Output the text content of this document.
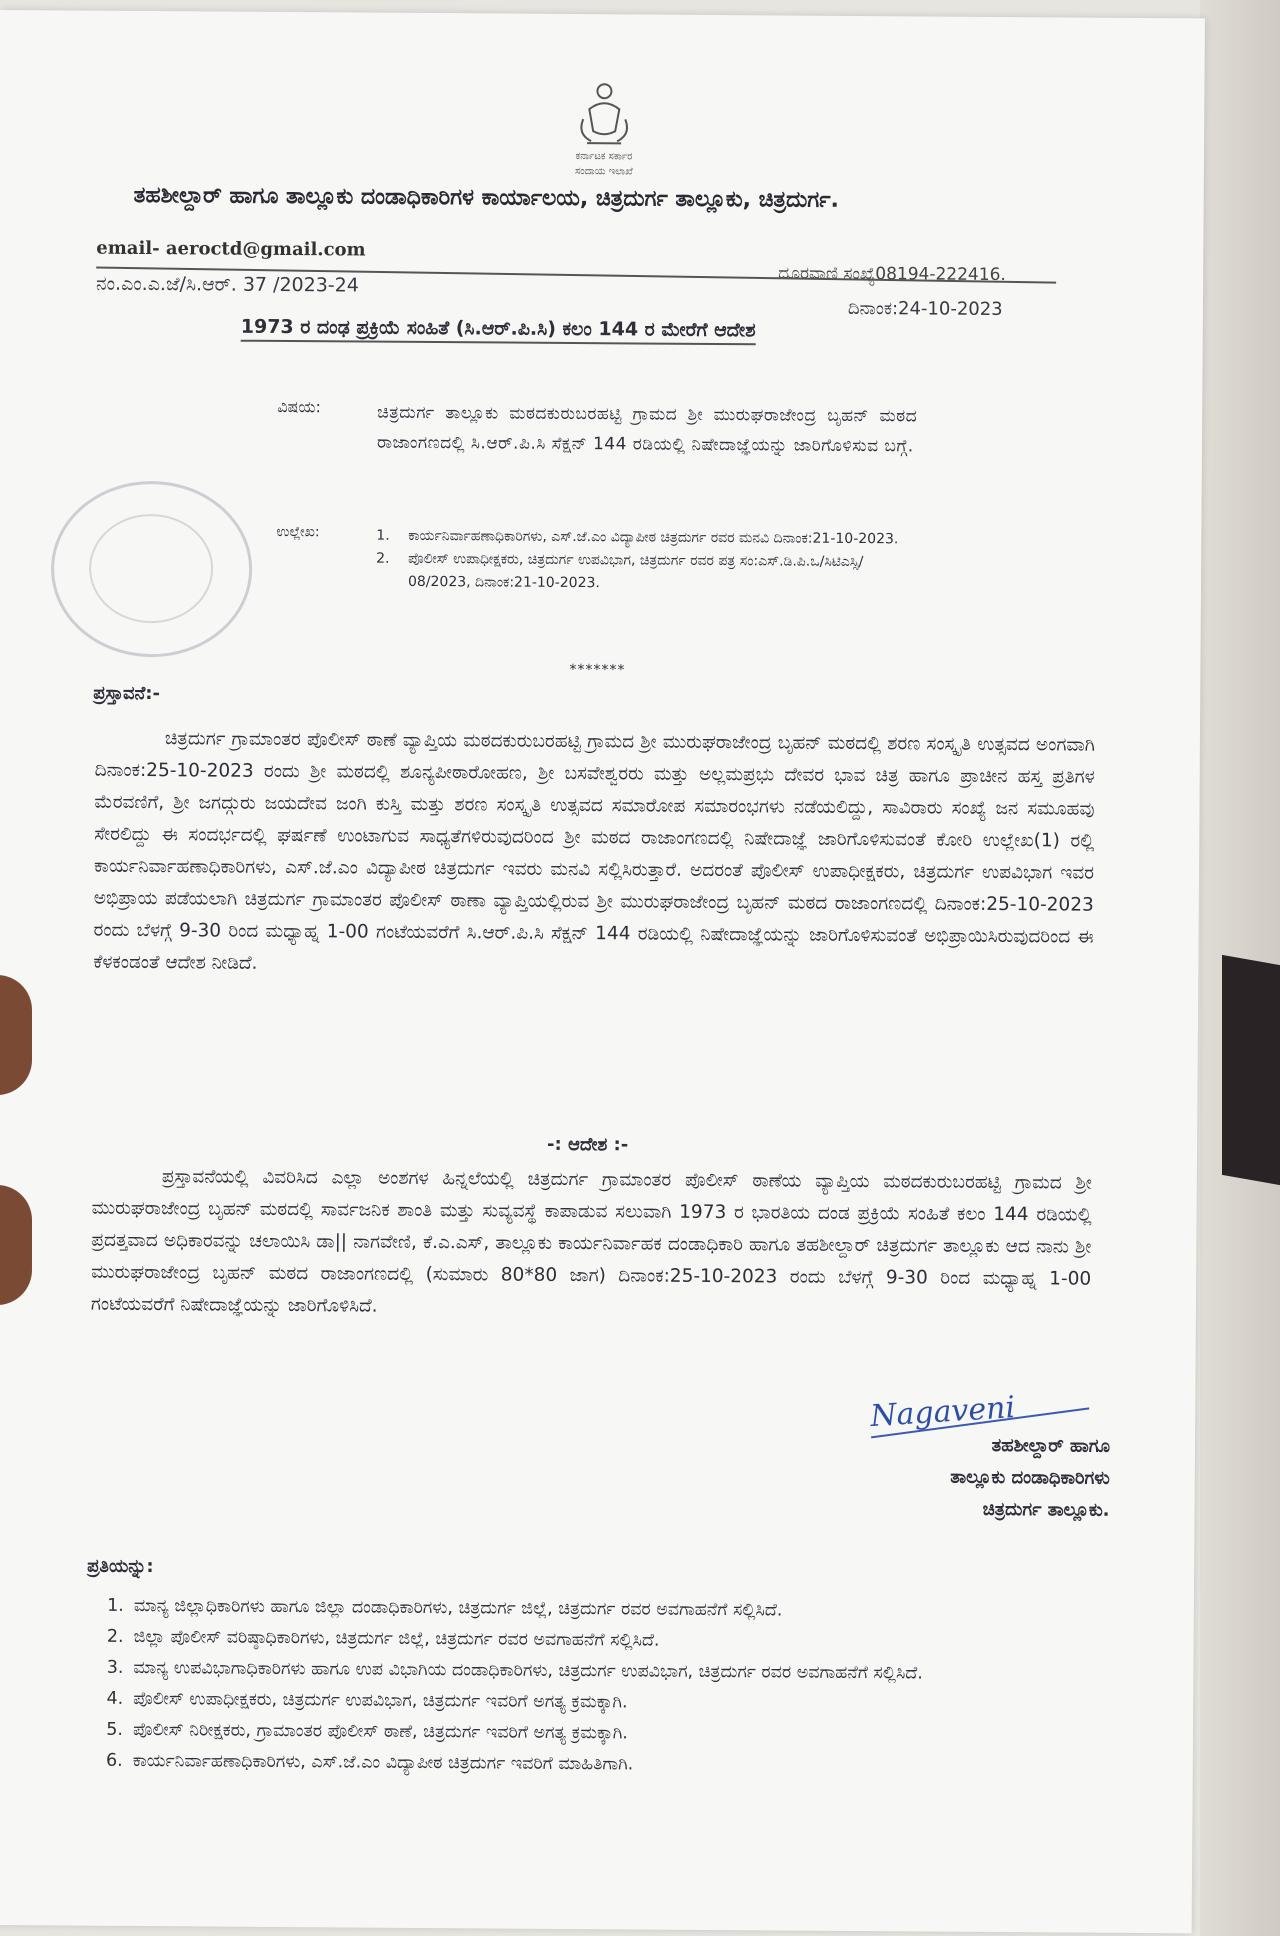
ಕರ್ನಾಟಕ ಸರ್ಕಾರ
ಸಂದಾಯ ಇಲಾಖೆ
ತಹಶೀಲ್ದಾರ್ ಹಾಗೂ ತಾಲ್ಲೂಕು ದಂಡಾಧಿಕಾರಿಗಳ ಕಾರ್ಯಾಲಯ, ಚಿತ್ರದುರ್ಗ ತಾಲ್ಲೂಕು, ಚಿತ್ರದುರ್ಗ.
email- aeroctd@gmail.com
ದೂರವಾಣಿ ಸಂಖ್ಯೆ08194-222416.
ನಂ.ಎಂ.ಎ.ಜೆ/ಸಿ.ಆರ್. 37 /2023-24
ದಿನಾಂಕ:24-10-2023
1973 ರ ದಂಢ ಪ್ರಕ್ರಿಯೆ ಸಂಹಿತೆ (ಸಿ.ಆರ್.ಪಿ.ಸಿ) ಕಲಂ 144 ರ ಮೇರೆಗೆ ಆದೇಶ
ವಿಷಯ:	ಚಿತ್ರದುರ್ಗ ತಾಲ್ಲೂಕು ಮಠದಕುರುಬರಹಟ್ಟಿ ಗ್ರಾಮದ ಶ್ರೀ ಮುರುಘರಾಜೇಂದ್ರ ಬೃಹನ್ ಮಠದ ರಾಜಾಂಗಣದಲ್ಲಿ ಸಿ.ಆರ್.ಪಿ.ಸಿ ಸೆಕ್ಷನ್ 144 ರಡಿಯಲ್ಲಿ ನಿಷೇದಾಜ್ಞೆಯನ್ನು ಜಾರಿಗೊಳಿಸುವ ಬಗ್ಗೆ.
ಉಲ್ಲೇಖ:	1. ಕಾರ್ಯನಿರ್ವಾಹಣಾಧಿಕಾರಿಗಳು, ಎಸ್.ಜೆ.ಎಂ ವಿದ್ಯಾಪೀಠ ಚಿತ್ರದುರ್ಗ ರವರ ಮನವಿ ದಿನಾಂಕ:21-10-2023.
2. ಪೊಲೀಸ್ ಉಪಾಧೀಕ್ಷಕರು, ಚಿತ್ರದುರ್ಗ ಉಪವಿಭಾಗ, ಚಿತ್ರದುರ್ಗ ರವರ ಪತ್ರ ಸಂ:ಎಸ್.ಡಿ.ಪಿ.ಒ/ಸಿಟಿಎಸ್ಸಿ/ 08/2023, ದಿನಾಂಕ:21-10-2023.
*******
ಪ್ರಸ್ತಾವನೆ:-

ಚಿತ್ರದುರ್ಗ ಗ್ರಾಮಾಂತರ ಪೊಲೀಸ್ ಠಾಣೆ ವ್ಯಾಪ್ತಿಯ ಮಠದಕುರುಬರಹಟ್ಟಿ ಗ್ರಾಮದ ಶ್ರೀ ಮುರುಘರಾಜೇಂದ್ರ ಬೃಹನ್ ಮಠದಲ್ಲಿ ಶರಣ ಸಂಸ್ಕೃತಿ ಉತ್ಸವದ ಅಂಗವಾಗಿ ದಿನಾಂಕ:25-10-2023 ರಂದು ಶ್ರೀ ಮಠದಲ್ಲಿ ಶೂನ್ಯಪೀಠಾರೋಹಣ, ಶ್ರೀ ಬಸವೇಶ್ವರರು ಮತ್ತು ಅಲ್ಲಮಪ್ರಭು ದೇವರ ಭಾವ ಚಿತ್ರ ಹಾಗೂ ಪ್ರಾಚೀನ ಹಸ್ತ ಪ್ರತಿಗಳ ಮೆರವಣಿಗೆ, ಶ್ರೀ ಜಗದ್ಗುರು ಜಯದೇವ ಜಂಗಿ ಕುಸ್ತಿ ಮತ್ತು ಶರಣ ಸಂಸ್ಕೃತಿ ಉತ್ಸವದ ಸಮಾರೋಪ ಸಮಾರಂಭಗಳು ನಡೆಯಲಿದ್ದು, ಸಾವಿರಾರು ಸಂಖ್ಯೆ ಜನ ಸಮೂಹವು ಸೇರಲಿದ್ದು ಈ ಸಂದರ್ಭದಲ್ಲಿ ಘರ್ಷಣೆ ಉಂಟಾಗುವ ಸಾಧ್ಯತೆಗಳಿರುವುದರಿಂದ ಶ್ರೀ ಮಠದ ರಾಜಾಂಗಣದಲ್ಲಿ ನಿಷೇದಾಜ್ಞೆ ಜಾರಿಗೊಳಿಸುವಂತೆ ಕೋರಿ ಉಲ್ಲೇಖ(1) ರಲ್ಲಿ ಕಾರ್ಯನಿರ್ವಾಹಣಾಧಿಕಾರಿಗಳು, ಎಸ್.ಜೆ.ಎಂ ವಿದ್ಯಾಪೀಠ ಚಿತ್ರದುರ್ಗ ಇವರು ಮನವಿ ಸಲ್ಲಿಸಿರುತ್ತಾರೆ. ಅದರಂತೆ ಪೊಲೀಸ್ ಉಪಾಧೀಕ್ಷಕರು, ಚಿತ್ರದುರ್ಗ ಉಪವಿಭಾಗ ಇವರ ಅಭಿಪ್ರಾಯ ಪಡೆಯಲಾಗಿ ಚಿತ್ರದುರ್ಗ ಗ್ರಾಮಾಂತರ ಪೊಲೀಸ್ ಠಾಣಾ ವ್ಯಾಪ್ತಿಯಲ್ಲಿರುವ ಶ್ರೀ ಮುರುಘರಾಜೇಂದ್ರ ಬೃಹನ್ ಮಠದ ರಾಜಾಂಗಣದಲ್ಲಿ ದಿನಾಂಕ:25-10-2023 ರಂದು ಬೆಳಗ್ಗೆ 9-30 ರಿಂದ ಮಧ್ಯಾಹ್ನ 1-00 ಗಂಟೆಯವರೆಗೆ ಸಿ.ಆರ್.ಪಿ.ಸಿ ಸೆಕ್ಷನ್ 144 ರಡಿಯಲ್ಲಿ ನಿಷೇದಾಜ್ಞೆಯನ್ನು ಜಾರಿಗೊಳಿಸುವಂತೆ ಅಭಿಪ್ರಾಯಿಸಿರುವುದರಿಂದ ಈ ಕೆಳಕಂಡಂತೆ ಆದೇಶ ನೀಡಿದೆ.

-: ಆದೇಶ :-

ಪ್ರಸ್ತಾವನೆಯಲ್ಲಿ ವಿವರಿಸಿದ ಎಲ್ಲಾ ಅಂಶಗಳ ಹಿನ್ನಲೆಯಲ್ಲಿ ಚಿತ್ರದುರ್ಗ ಗ್ರಾಮಾಂತರ ಪೊಲೀಸ್ ಠಾಣೆಯ ವ್ಯಾಪ್ತಿಯ ಮಠದಕುರುಬರಹಟ್ಟಿ ಗ್ರಾಮದ ಶ್ರೀ ಮುರುಘರಾಜೇಂದ್ರ ಬೃಹನ್ ಮಠದಲ್ಲಿ ಸಾರ್ವಜನಿಕ ಶಾಂತಿ ಮತ್ತು ಸುವ್ಯವಸ್ಥೆ ಕಾಪಾಡುವ ಸಲುವಾಗಿ 1973 ರ ಭಾರತಿಯ ದಂಡ ಪ್ರಕ್ರಿಯೆ ಸಂಹಿತೆ ಕಲಂ 144 ರಡಿಯಲ್ಲಿ ಪ್ರದತ್ತವಾದ ಅಧಿಕಾರವನ್ನು ಚಲಾಯಿಸಿ ಡಾ|| ನಾಗವೇಣಿ, ಕೆ.ಎ.ಎಸ್, ತಾಲ್ಲೂಕು ಕಾರ್ಯನಿರ್ವಾಹಕ ದಂಡಾಧಿಕಾರಿ ಹಾಗೂ ತಹಶೀಲ್ದಾರ್ ಚಿತ್ರದುರ್ಗ ತಾಲ್ಲೂಕು ಆದ ನಾನು ಶ್ರೀ ಮುರುಘರಾಜೇಂದ್ರ ಬೃಹನ್ ಮಠದ ರಾಜಾಂಗಣದಲ್ಲಿ (ಸುಮಾರು 80*80 ಜಾಗ) ದಿನಾಂಕ:25-10-2023 ರಂದು ಬೆಳಗ್ಗೆ 9-30 ರಿಂದ ಮಧ್ಯಾಹ್ನ 1-00 ಗಂಟೆಯವರೆಗೆ ನಿಷೇದಾಜ್ಞೆಯನ್ನು ಜಾರಿಗೊಳಿಸಿದೆ.

Nagaveni
ತಹಶೀಲ್ದಾರ್ ಹಾಗೂ
ತಾಲ್ಲೂಕು ದಂಡಾಧಿಕಾರಿಗಳು
ಚಿತ್ರದುರ್ಗ ತಾಲ್ಲೂಕು.
ಪ್ರತಿಯನ್ನು:
1. ಮಾನ್ಯ ಜಿಲ್ಲಾಧಿಕಾರಿಗಳು ಹಾಗೂ ಜಿಲ್ಲಾ ದಂಡಾಧಿಕಾರಿಗಳು, ಚಿತ್ರದುರ್ಗ ಜಿಲ್ಲೆ, ಚಿತ್ರದುರ್ಗ ರವರ ಅವಗಾಹನೆಗೆ ಸಲ್ಲಿಸಿದೆ.
2. ಜಿಲ್ಲಾ ಪೊಲೀಸ್ ವರಿಷ್ಠಾಧಿಕಾರಿಗಳು, ಚಿತ್ರದುರ್ಗ ಜಿಲ್ಲೆ, ಚಿತ್ರದುರ್ಗ ರವರ ಅವಗಾಹನೆಗೆ ಸಲ್ಲಿಸಿದೆ.
3. ಮಾನ್ಯ ಉಪವಿಭಾಗಾಧಿಕಾರಿಗಳು ಹಾಗೂ ಉಪ ವಿಭಾಗಿಯ ದಂಡಾಧಿಕಾರಿಗಳು, ಚಿತ್ರದುರ್ಗ ಉಪವಿಭಾಗ, ಚಿತ್ರದುರ್ಗ ರವರ ಅವಗಾಹನೆಗೆ ಸಲ್ಲಿಸಿದೆ.
4. ಪೊಲೀಸ್ ಉಪಾಧೀಕ್ಷಕರು, ಚಿತ್ರದುರ್ಗ ಉಪವಿಭಾಗ, ಚಿತ್ರದುರ್ಗ ಇವರಿಗೆ ಅಗತ್ಯ ಕ್ರಮಕ್ಕಾಗಿ.
5. ಪೊಲೀಸ್ ನಿರೀಕ್ಷಕರು, ಗ್ರಾಮಾಂತರ ಪೊಲೀಸ್ ಠಾಣೆ, ಚಿತ್ರದುರ್ಗ ಇವರಿಗೆ ಅಗತ್ಯ ಕ್ರಮಕ್ಕಾಗಿ.
6. ಕಾರ್ಯನಿರ್ವಾಹಣಾಧಿಕಾರಿಗಳು, ಎಸ್.ಜೆ.ಎಂ ವಿದ್ಯಾಪೀಠ ಚಿತ್ರದುರ್ಗ ಇವರಿಗೆ ಮಾಹಿತಿಗಾಗಿ.
